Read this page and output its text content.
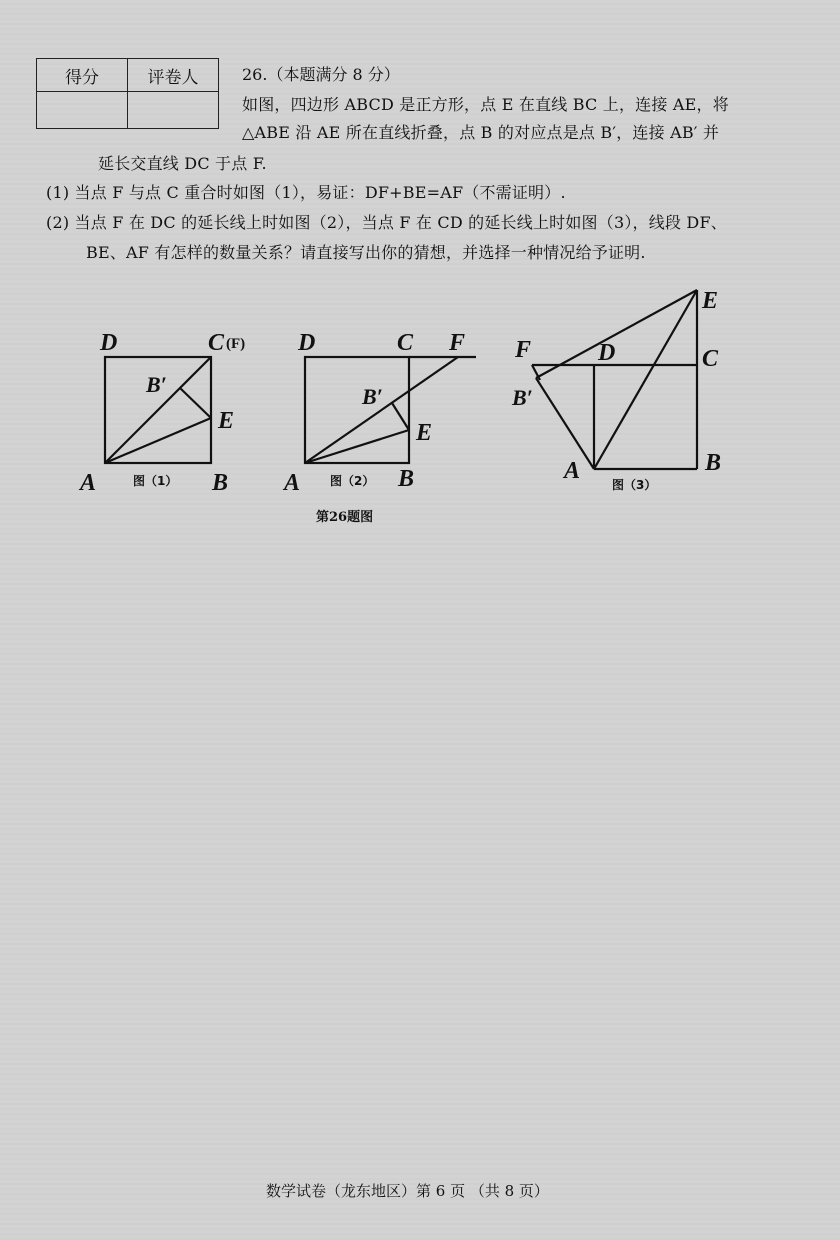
得分	评卷人
		26.（本题满分 8 分）
如图，四边形 ABCD 是正方形，点 E 在直线 BC 上，连接 AE，将
△ABE 沿 AE 所在直线折叠，点 B 的对应点是点 B′，连接 AB′ 并
延长交直线 DC 于点 F.
(1) 当点 F 与点 C 重合时如图（1），易证：DF+BE=AF（不需证明）.
(2) 当点 F 在 DC 的延长线上时如图（2），当点 F 在 CD 的延长线上时如图（3），线段 DF、
BE、AF 有怎样的数量关系？请直接写出你的猜想，并选择一种情况给予证明.
D	C (F)
B′
E
A	B
D	C F
B′
E
A	B
F	D	C
E
B′
A	B
图（1）	图（2）	图（3）
第26题图
数学试卷（龙东地区）第 6 页 （共 8 页）
